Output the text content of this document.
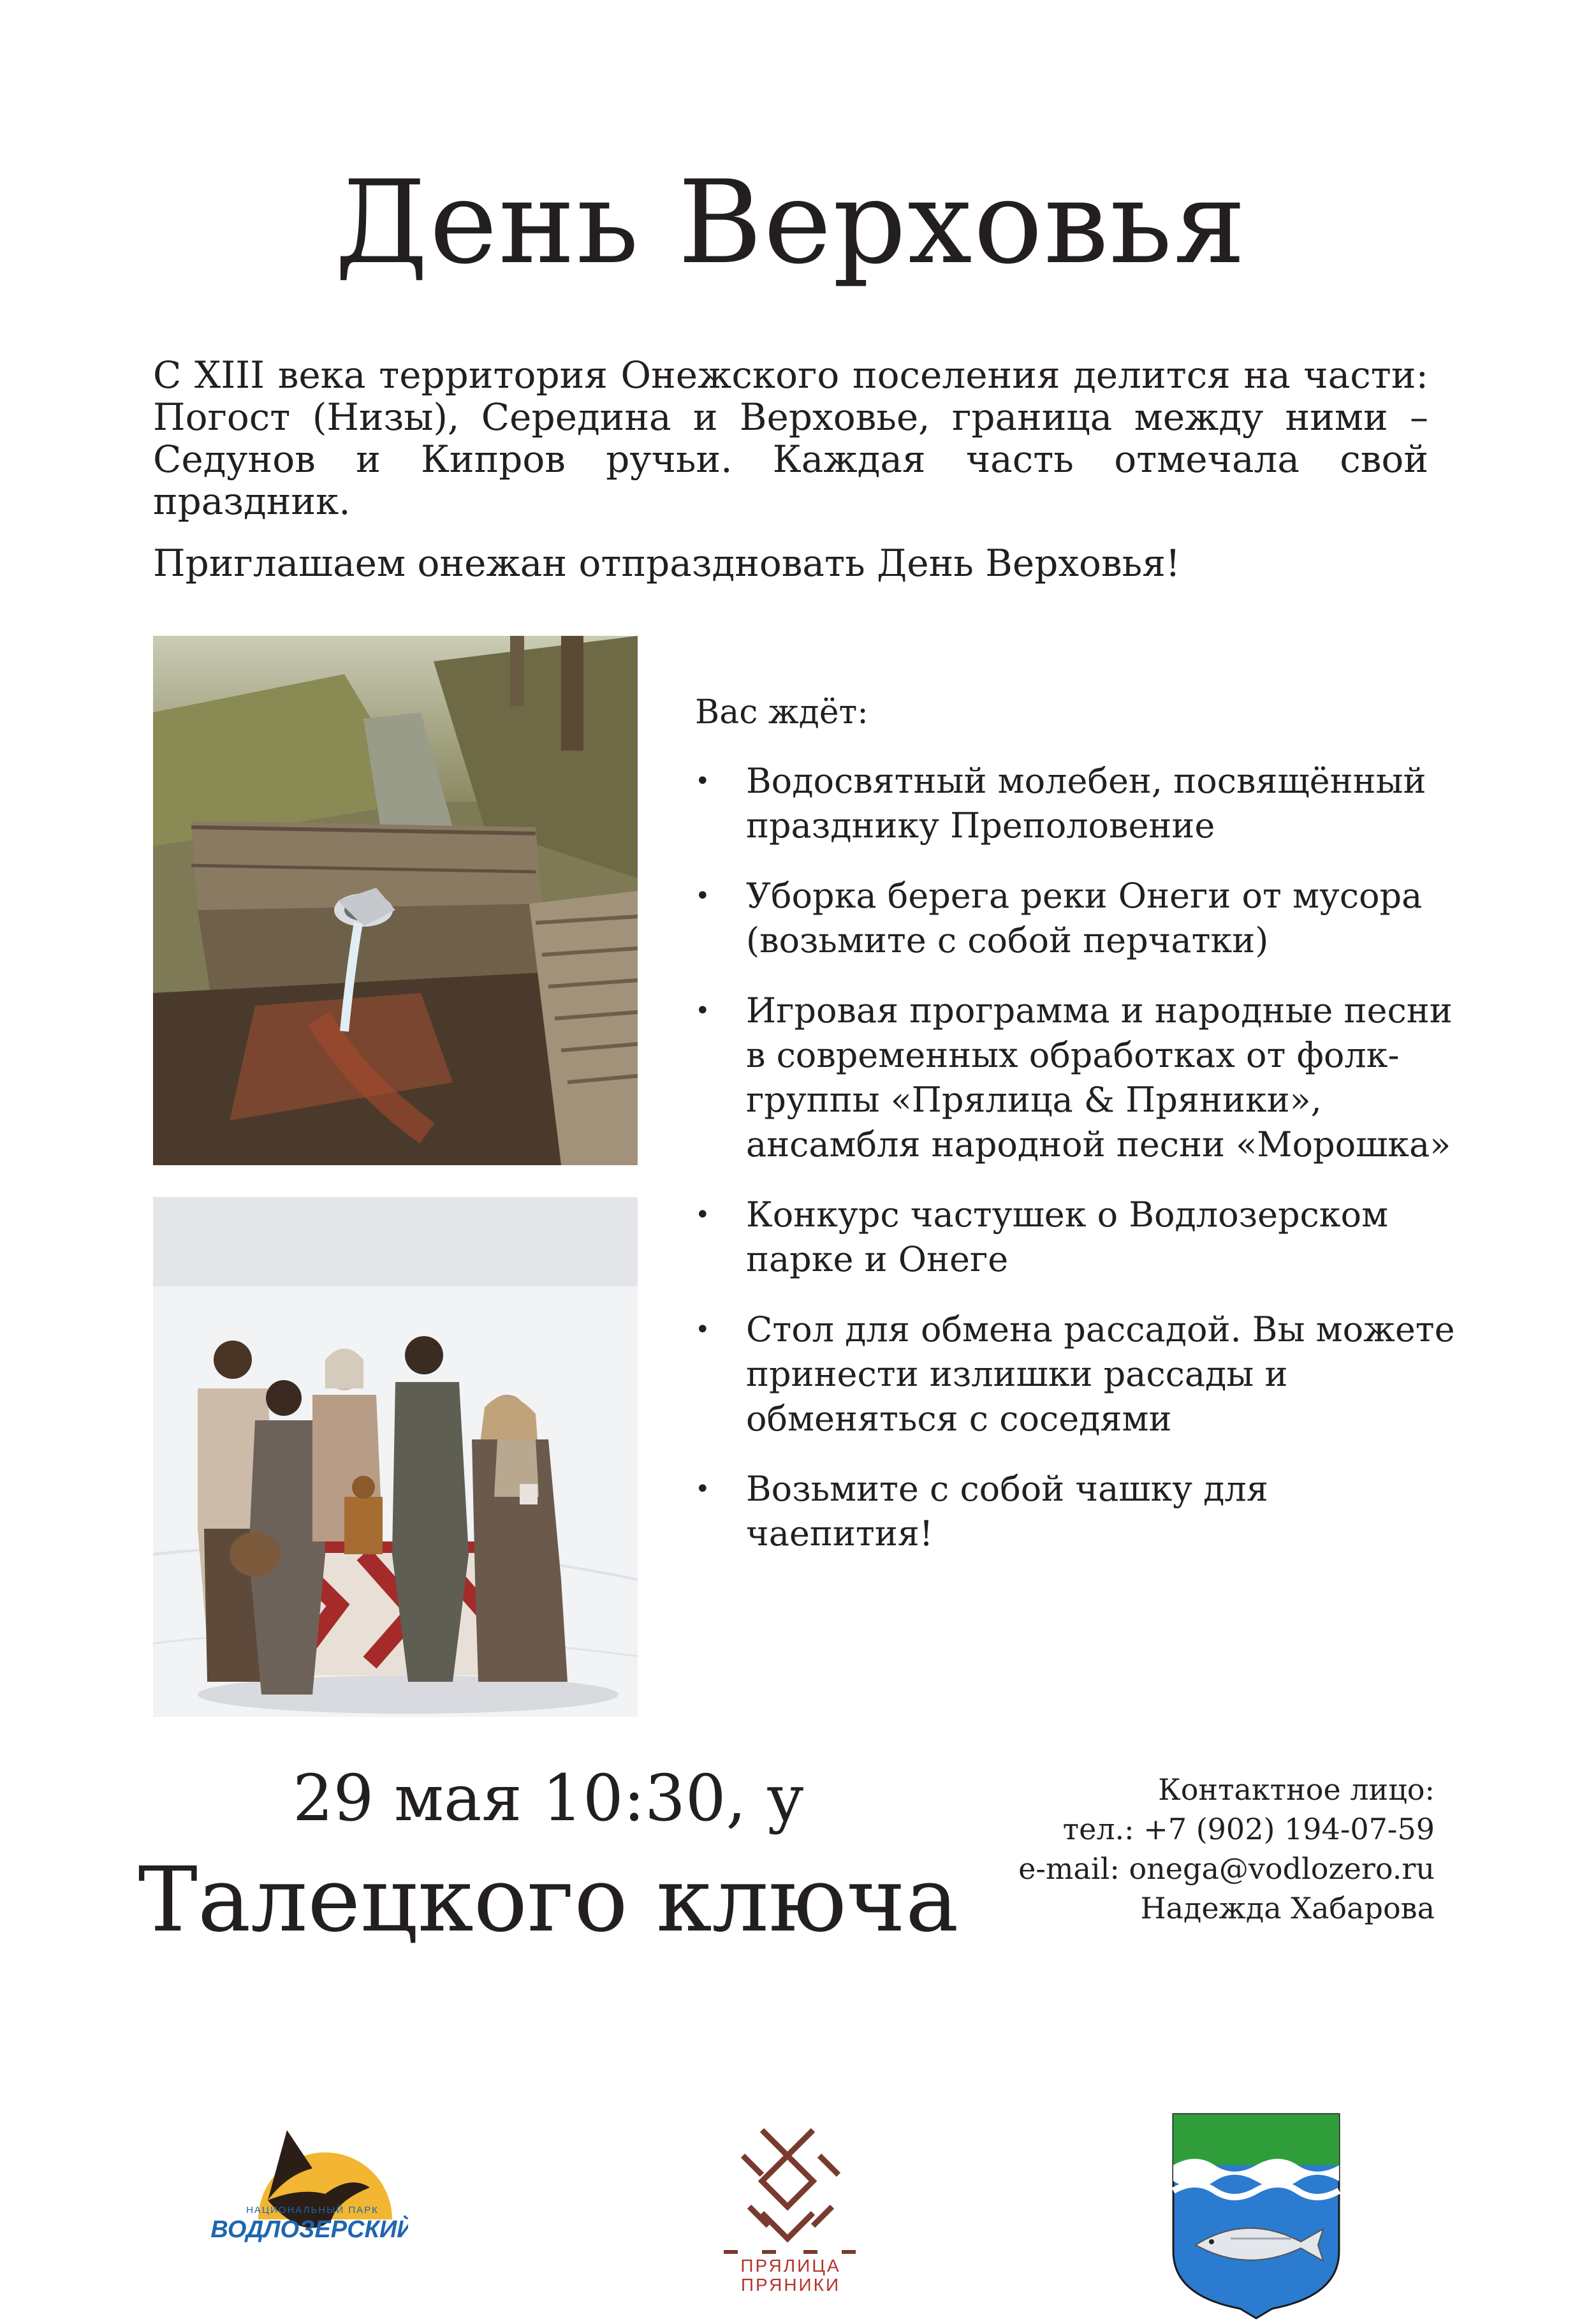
День Верховья

С XIII века территория Онежского поселения делится на части: Погост (Низы), Середина и Верховье, граница между ними – Седунов и Кипров ручьи. Каждая часть отмечала свой праздник.

Приглашаем онежан отпраздновать День Верховья!

Вас ждёт:
• Водосвятный молебен, посвящённый празднику Преполовение
• Уборка берега реки Онеги от мусора (возьмите с собой перчатки)
• Игровая программа и народные песни в современных обработках от фолк-группы «Прялица & Пряники», ансамбля народной песни «Морошка»
• Конкурс частушек о Водлозерском парке и Онеге
• Стол для обмена рассадой. Вы можете принести излишки рассады и обменяться с соседями
• Возьмите с собой чашку для чаепития!
29 мая 10:30, у
Талецкого ключа
Контактное лицо:
тел.: +7 (902) 194-07-59
e-mail: onega@vodlozero.ru
Надежда Хабарова
НАЦИОНАЛЬНЫЙ ПАРК
ВОДЛОЗЕРСКИЙ
ПРЯЛИЦА
ПРЯНИКИ
